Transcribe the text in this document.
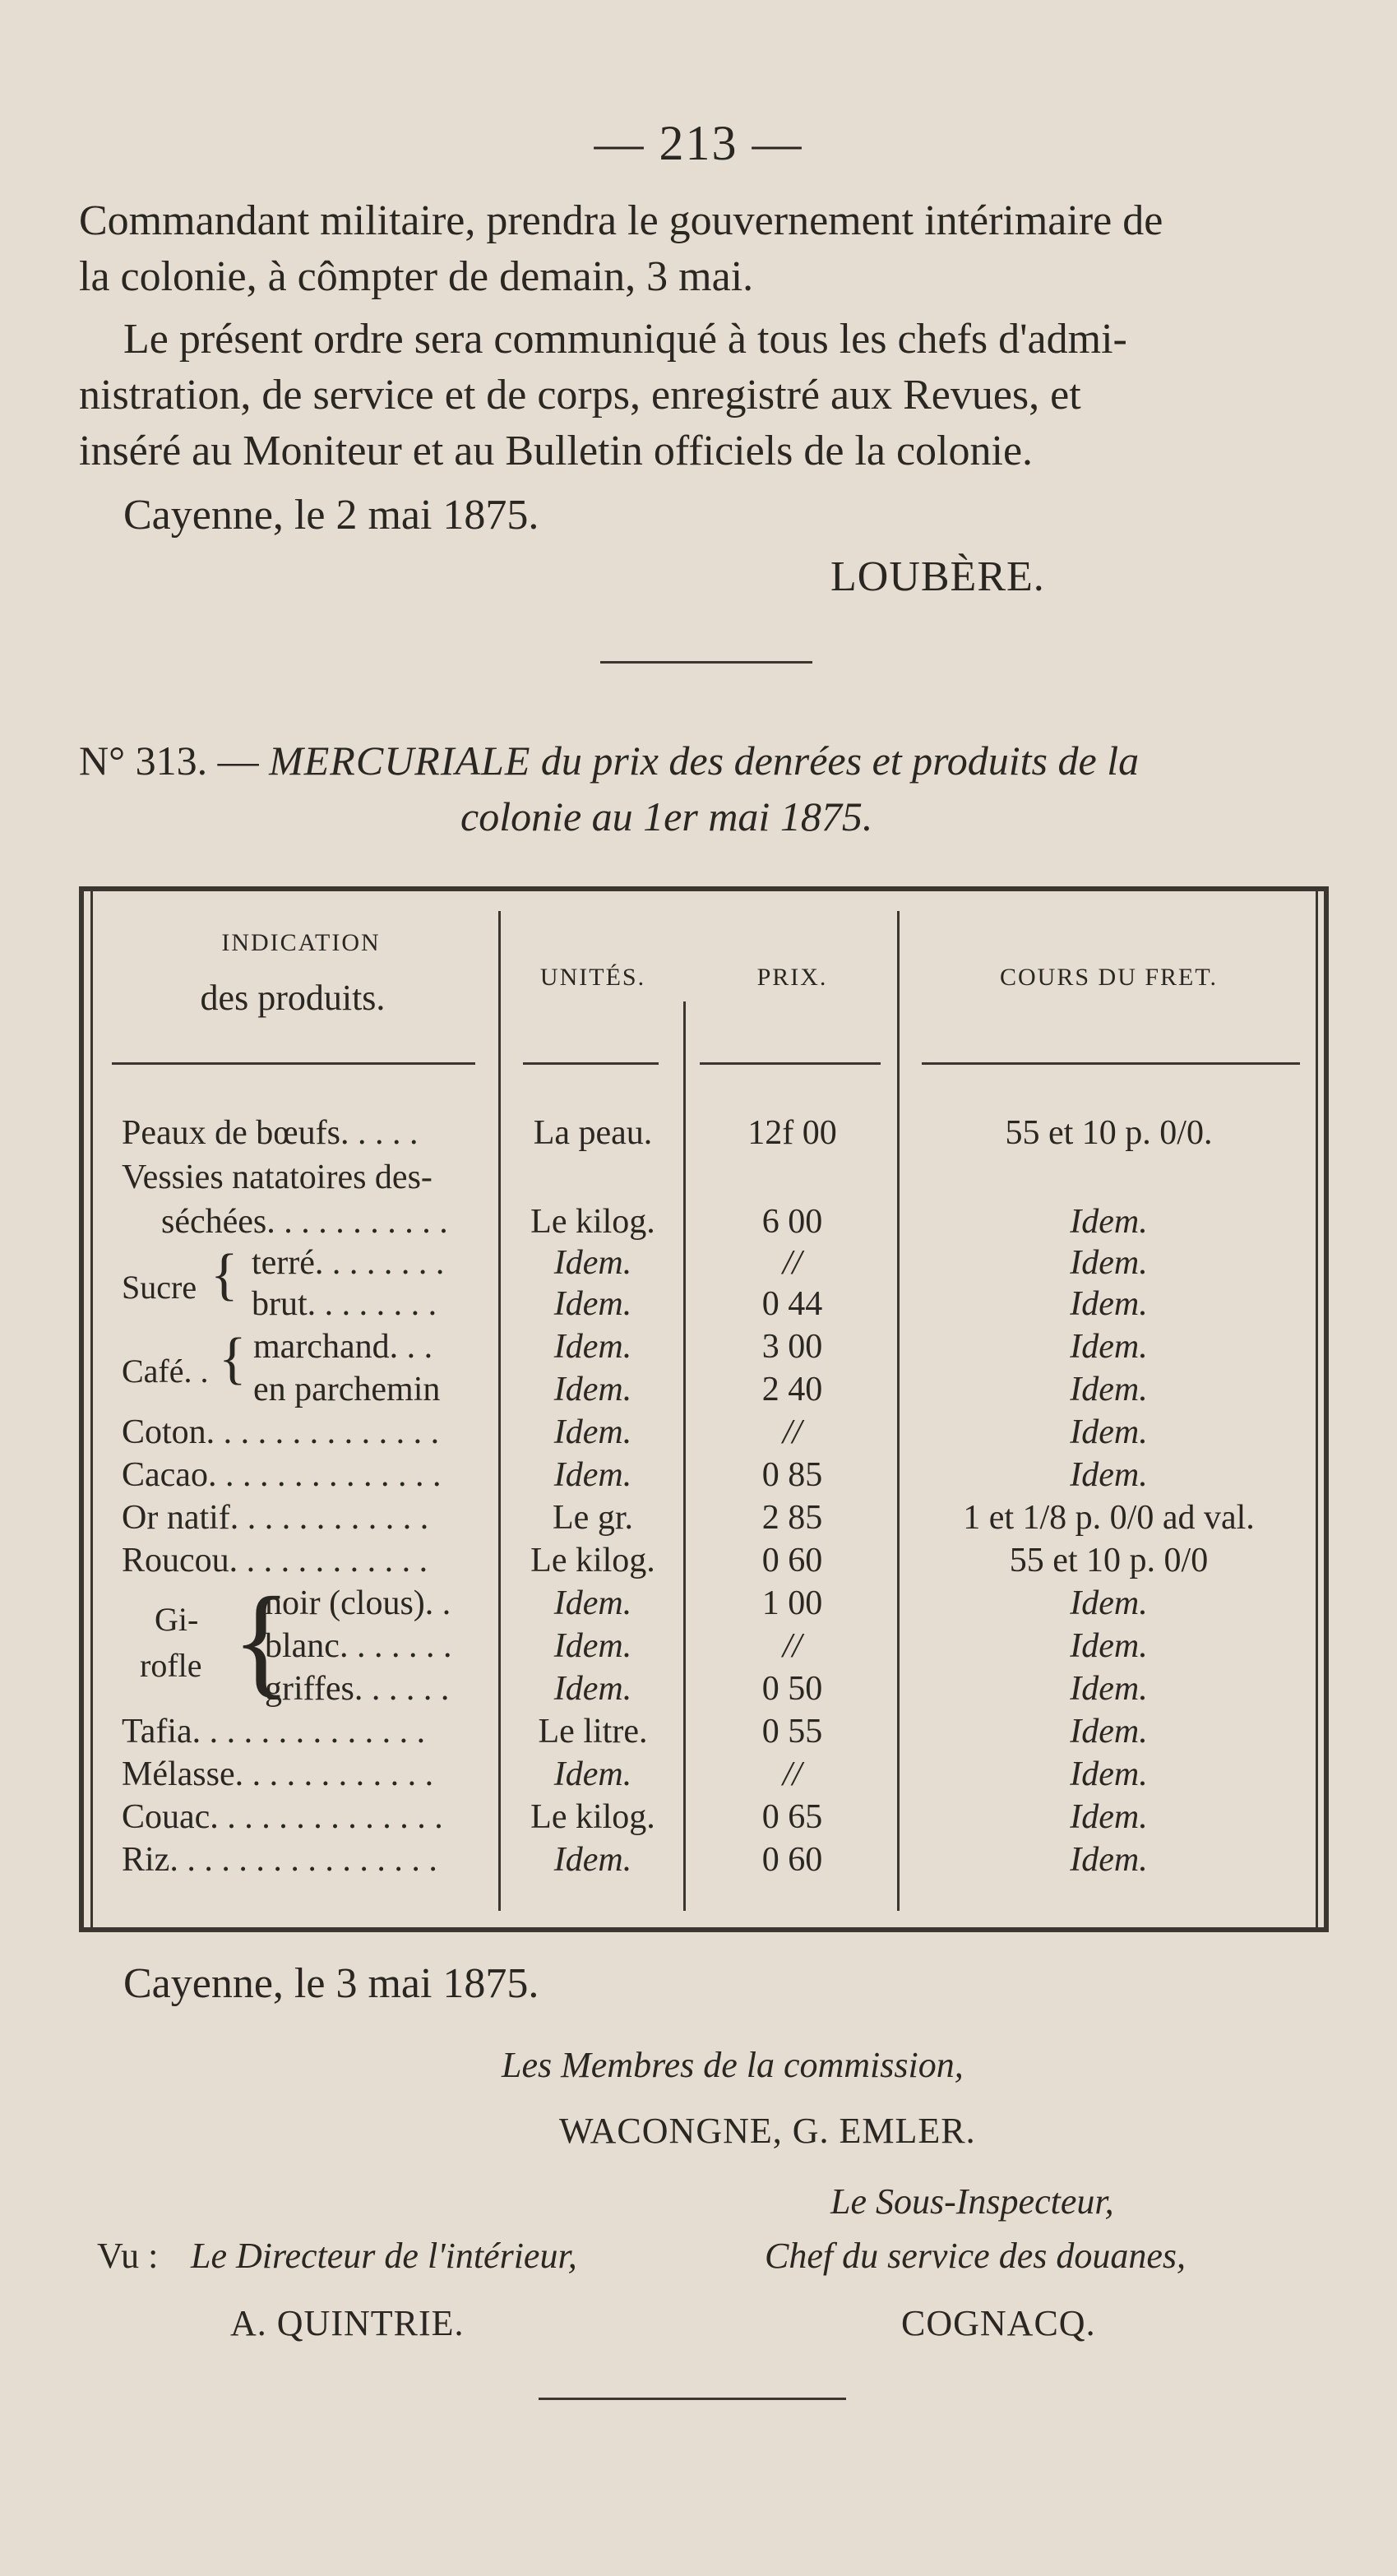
— 213 —
Commandant militaire, prendra le gouvernement intérimaire de
la colonie, à cômpter de demain, 3 mai.
Le présent ordre sera communiqué à tous les chefs d'admi-
nistration, de service et de corps, enregistré aux Revues, et
inséré au Moniteur et au Bulletin officiels de la colonie.
Cayenne, le 2 mai 1875.
LOUBÈRE.
N° 313. — MERCURIALE du prix des denrées et produits de la
colonie au 1er mai 1875.
INDICATION
des produits.
UNITÉS.	PRIX.	COURS DU FRET.
Peaux de bœufs. . . . .	La peau.	12f 00	55 et 10 p. 0/0.
Vessies natatoires des-
séchées. . . . . . . . . . .	Le kilog.	6 00	Idem.
Sucre { terré. . . . . . . .	Idem.	//	Idem.
brut. . . . . . . .	Idem.	0 44	Idem.
Café. . { marchand. . .	Idem.	3 00	Idem.
en parchemin	Idem.	2 40	Idem.
Coton. . . . . . . . . . . . . .	Idem.	//	Idem.
Cacao. . . . . . . . . . . . . .	Idem.	0 85	Idem.
Or natif. . . . . . . . . . . .	Le gr.	2 85	1 et 1/8 p. 0/0 ad val.
Roucou. . . . . . . . . . . .	Le kilog.	0 60	55 et 10 p. 0/0
Gi-
rofle {
noir (clous). .	Idem.	1 00	Idem.
blanc. . . . . . .	Idem.	//	Idem.
griffes. . . . . .	Idem.	0 50	Idem.
Tafia. . . . . . . . . . . . . .	Le litre.	0 55	Idem.
Mélasse. . . . . . . . . . . .	Idem.	//	Idem.
Couac. . . . . . . . . . . . . .	Le kilog.	0 65	Idem.
Riz. . . . . . . . . . . . . . . .	Idem.	0 60	Idem.
Cayenne, le 3 mai 1875.
Les Membres de la commission,
WACONGNE, G. EMLER.
Le Sous-Inspecteur,
Vu : Le Directeur de l'intérieur,	Chef du service des douanes,
A. QUINTRIE.	COGNACQ.
